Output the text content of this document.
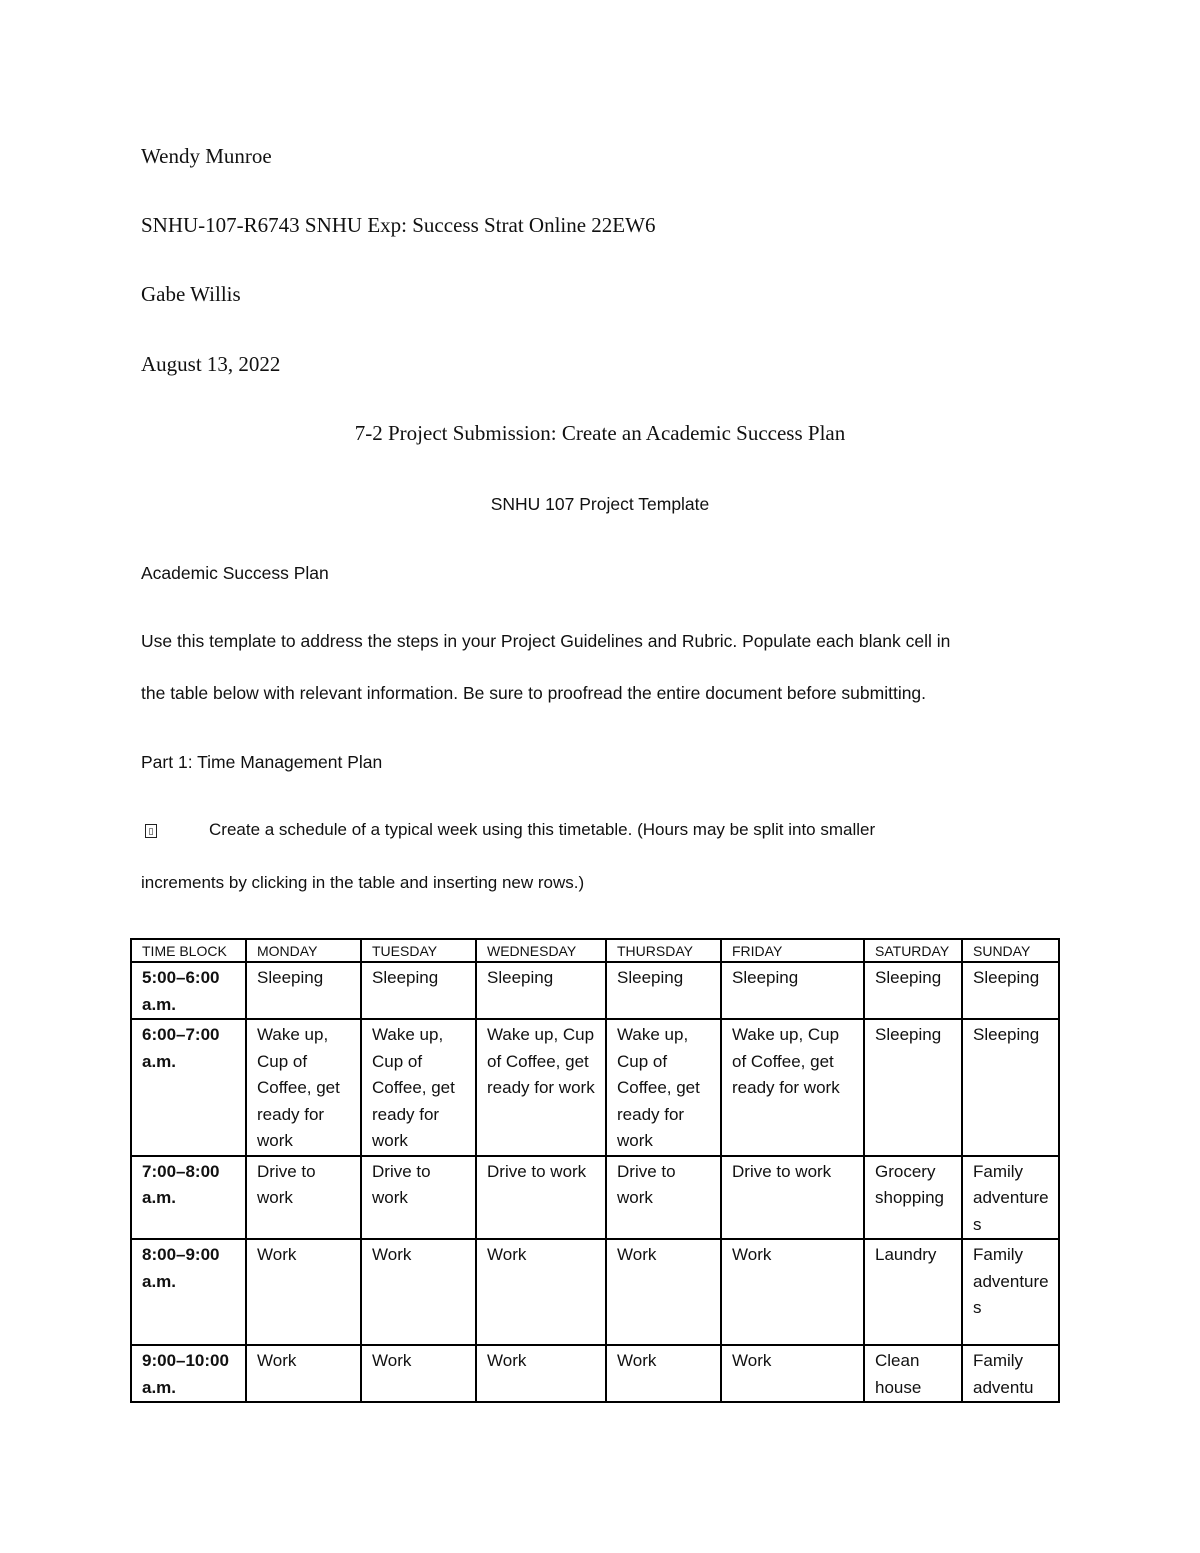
Wendy Munroe
SNHU-107-R6743 SNHU Exp: Success Strat Online 22EW6
Gabe Willis
August 13, 2022
7-2 Project Submission: Create an Academic Success Plan
SNHU 107 Project Template
Academic Success Plan
Use this template to address the steps in your Project Guidelines and Rubric. Populate each blank cell in
the table below with relevant information. Be sure to proofread the entire document before submitting.
Part 1: Time Management Plan
▯	Create a schedule of a typical week using this timetable. (Hours may be split into smaller
increments by clicking in the table and inserting new rows.)
TIME BLOCK	MONDAY	TUESDAY	WEDNESDAY	THURSDAY	FRIDAY	SATURDAY	SUNDAY
5:00–6:00 a.m.	Sleeping	Sleeping	Sleeping	Sleeping	Sleeping	Sleeping	Sleeping
6:00–7:00 a.m.	Wake up, Cup of Coffee, get ready for work	Wake up, Cup of Coffee, get ready for work	Wake up, Cup of Coffee, get ready for work	Wake up, Cup of Coffee, get ready for work	Wake up, Cup of Coffee, get ready for work	Sleeping	Sleeping
7:00–8:00 a.m.	Drive to work	Drive to work	Drive to work	Drive to work	Drive to work	Grocery shopping	Family adventures
8:00–9:00 a.m.	Work	Work	Work	Work	Work	Laundry	Family adventures
9:00–10:00 a.m.	Work	Work	Work	Work	Work	Clean house	Family adventu
